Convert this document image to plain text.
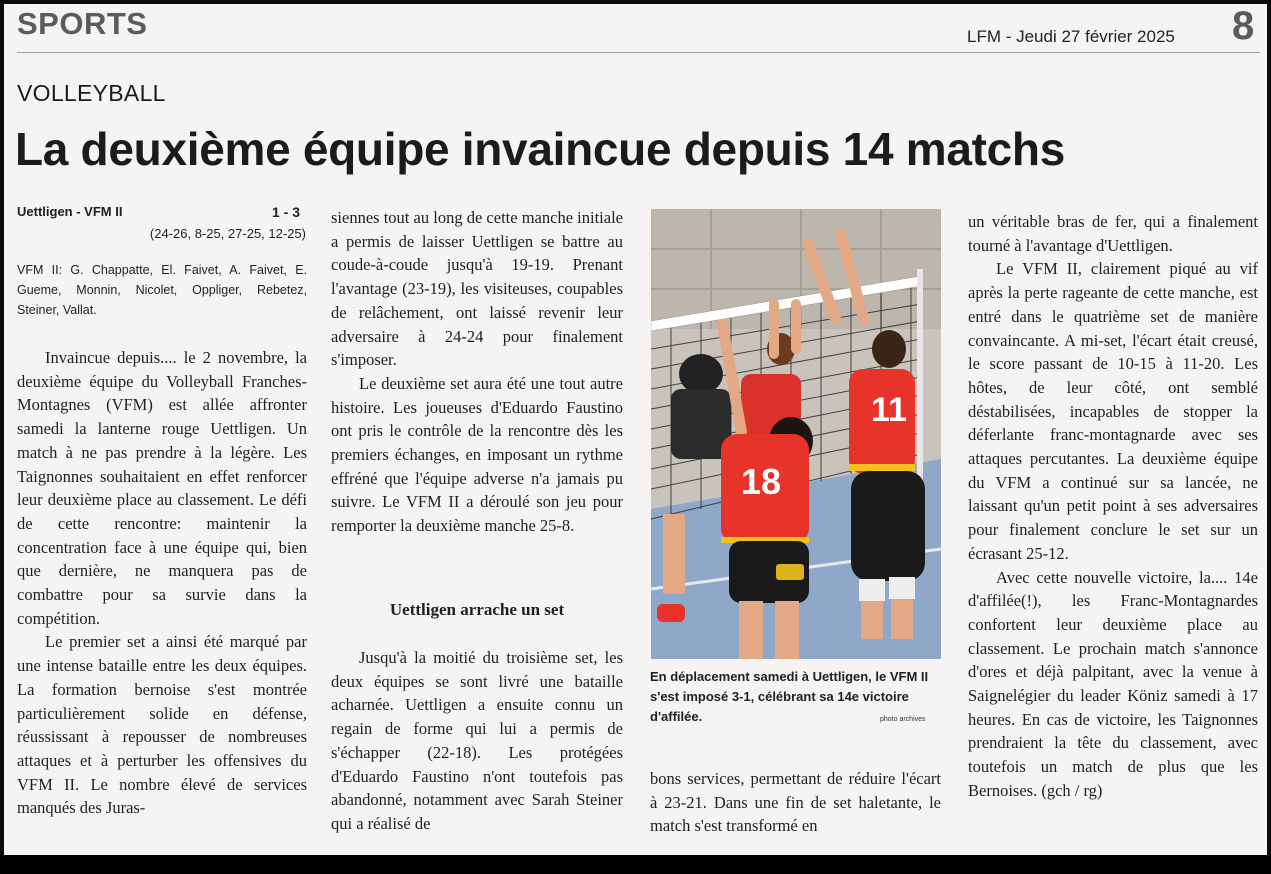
SPORTS	LFM - Jeudi 27 février 2025 8
VOLLEYBALL
La deuxième équipe invaincue depuis 14 matchs
Uettligen - VFM II	1 - 3
(24-26, 8-25, 27-25, 12-25)
VFM II: G. Chappatte, El. Faivet, A. Faivet, E. Gueme, Monnin, Nicolet, Oppliger, Rebetez, Steiner, Vallat.

Invaincue depuis.... le 2 novembre, la deuxième équipe du Volleyball Franches-Montagnes (VFM) est allée affronter samedi la lanterne rouge Uettligen. Un match à ne pas prendre à la légère. Les Taignonnes souhaitaient en effet renforcer leur deuxième place au classement. Le défi de cette rencontre: maintenir la concentration face à une équipe qui, bien que dernière, ne manquera pas de combattre pour sa survie dans la compétition.

Le premier set a ainsi été marqué par une intense bataille entre les deux équipes. La formation bernoise s'est montrée particulièrement solide en défense, réussissant à repousser de nombreuses attaques et à perturber les offensives du VFM II. Le nombre élevé de services manqués des Juras-

siennes tout au long de cette manche initiale a permis de laisser Uettligen se battre au coude-à-coude jusqu'à 19-19. Prenant l'avantage (23-19), les visiteuses, coupables de relâchement, ont laissé revenir leur adversaire à 24-24 pour finalement s'imposer.

Le deuxième set aura été une tout autre histoire. Les joueuses d'Eduardo Faustino ont pris le contrôle de la rencontre dès les premiers échanges, en imposant un rythme effréné que l'équipe adverse n'a jamais pu suivre. Le VFM II a déroulé son jeu pour remporter la deuxième manche 25-8.

Uettligen arrache un set

Jusqu'à la moitié du troisième set, les deux équipes se sont livré une bataille acharnée. Uettligen a ensuite connu un regain de forme qui lui a permis de s'échapper (22-18). Les protégées d'Eduardo Faustino n'ont toutefois pas abandonné, notamment avec Sarah Steiner qui a réalisé de

bons services, permettant de réduire l'écart à 23-21. Dans une fin de set haletante, le match s'est transformé en

un véritable bras de fer, qui a finalement tourné à l'avantage d'Uettligen.

Le VFM II, clairement piqué au vif après la perte rageante de cette manche, est entré dans le quatrième set de manière convaincante. A mi-set, l'écart était creusé, le score passant de 10-15 à 11-20. Les hôtes, de leur côté, ont semblé déstabilisées, incapables de stopper la déferlante franc-montagnarde avec ses attaques percutantes. La deuxième équipe du VFM a continué sur sa lancée, ne laissant qu'un petit point à ses adversaires pour finalement conclure le set sur un écrasant 25-12.

Avec cette nouvelle victoire, la.... 14e d'affilée(!), les Franc-Montagnardes confortent leur deuxième place au classement. Le prochain match s'annonce d'ores et déjà palpitant, avec la venue à Saignelégier du leader Köniz samedi à 17 heures. En cas de victoire, les Taignonnes prendraient la tête du classement, avec toutefois un match de plus que les Bernoises. (gch / rg)

11
18
En déplacement samedi à Uettligen, le VFM II s'est imposé 3-1, célébrant sa 14e victoire d'affilée.	photo archives
